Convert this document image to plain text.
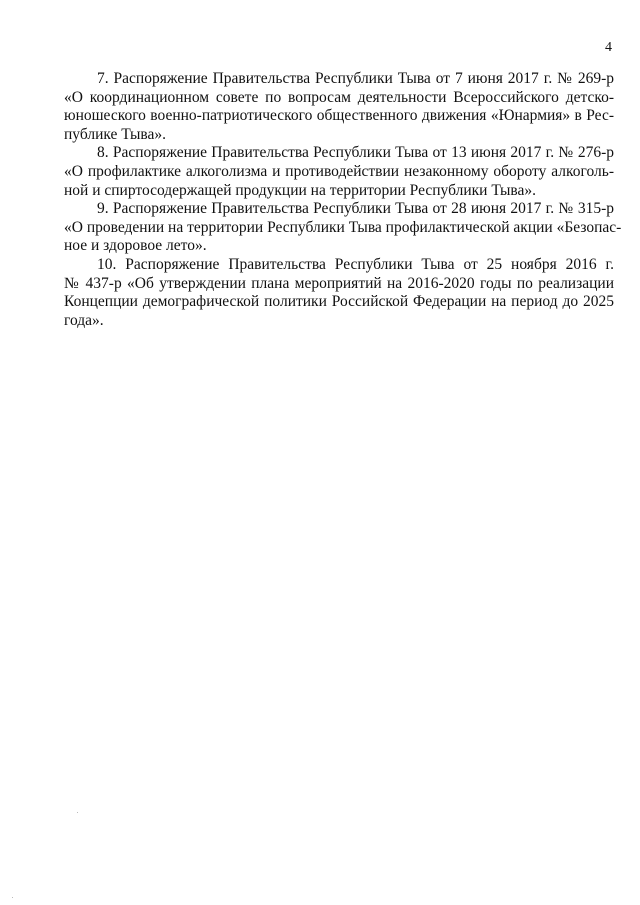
4

7. Распоряжение Правительства Республики Тыва от 7 июня 2017 г. № 269-р
«О координационном совете по вопросам деятельности Всероссийского детско-
юношеского военно-патриотического общественного движения «Юнармия» в Рес-
публике Тыва».

8. Распоряжение Правительства Республики Тыва от 13 июня 2017 г. № 276-р
«О профилактике алкоголизма и противодействии незаконному обороту алкоголь-
ной и спиртосодержащей продукции на территории Республики Тыва».

9. Распоряжение Правительства Республики Тыва от 28 июня 2017 г. № 315-р
«О проведении на территории Республики Тыва профилактической акции «Безопас-
ное и здоровое лето».

10. Распоряжение Правительства Республики Тыва от 25 ноября 2016 г.
№ 437-р «Об утверждении плана мероприятий на 2016-2020 годы по реализации
Концепции демографической политики Российской Федерации на период до 2025
года».
